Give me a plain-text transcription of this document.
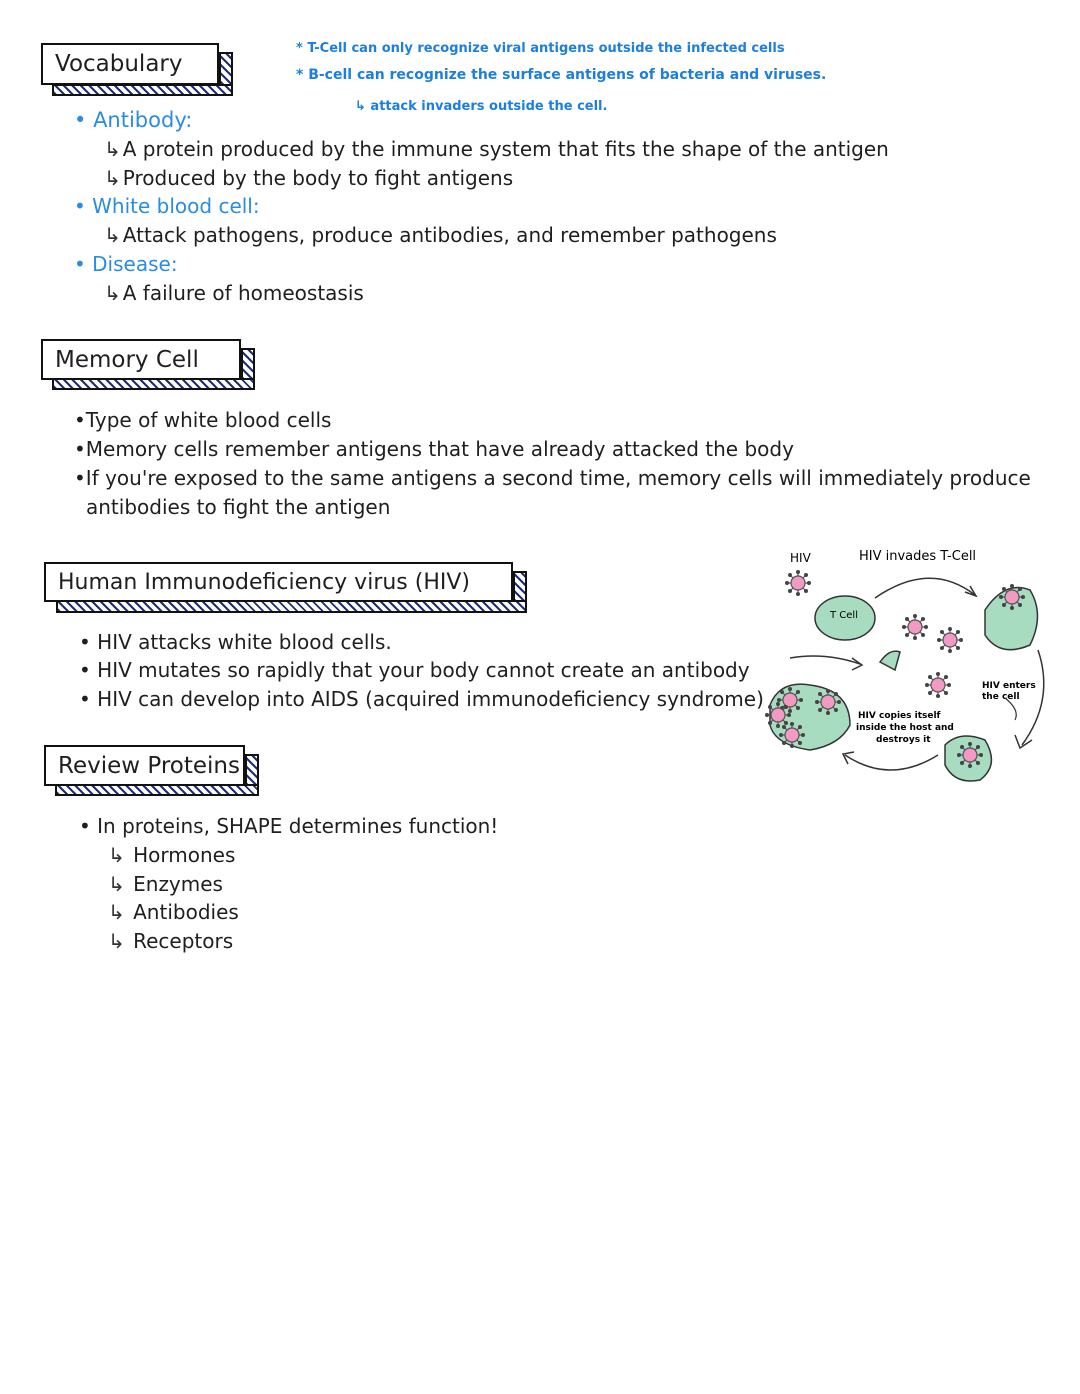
* T-Cell can only recognize viral antigens outside the infected cells
* B-cell can recognize the surface antigens of bacteria and viruses.
↳ attack invaders outside the cell.
Vocabulary
• Antibody:
↳ A protein produced by the immune system that fits the shape of the antigen
↳ Produced by the body to fight antigens
• White blood cell:
↳ Attack pathogens, produce antibodies, and remember pathogens
• Disease:
↳ A failure of homeostasis
Memory Cell
•Type of white blood cells
•Memory cells remember antigens that have already attacked the body
•If you're exposed to the same antigens a second time, memory cells will immediately produce
antibodies to fight the antigen
Human Immunodeficiency virus (HIV)
• HIV attacks white blood cells.
• HIV mutates so rapidly that your body cannot create an antibody
• HIV can develop into AIDS (acquired immunodeficiency syndrome)
HIV	HIV invades T-Cell
T Cell
HIV enters
the cell
HIV copies itself
inside the host and
destroys it
Review Proteins
• In proteins, SHAPE determines function!
↳ Hormones
↳ Enzymes
↳ Antibodies
↳ Receptors
